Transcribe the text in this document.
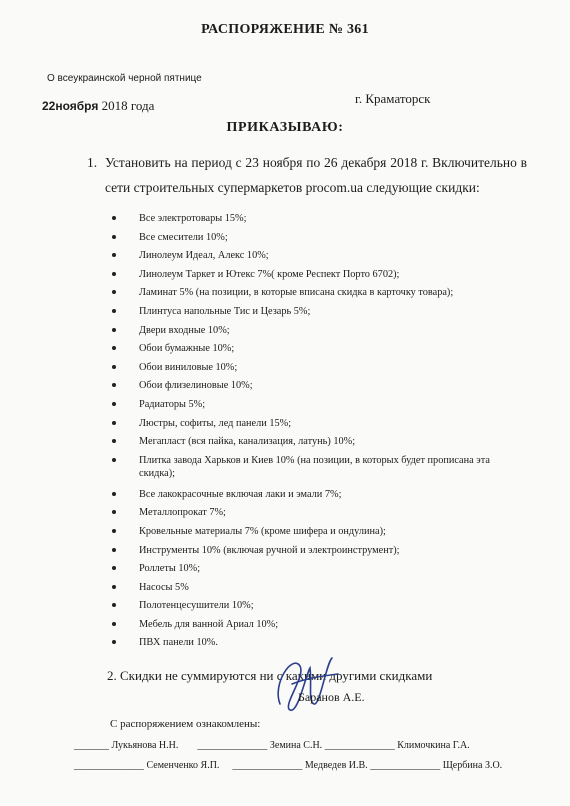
РАСПОРЯЖЕНИЕ № 361
О всеукраинской черной пятнице
22ноября 2018 года	г. Краматорск
ПРИКАЗЫВАЮ:
1. Установить на период с 23 ноября по 26 декабря 2018 г. Включительно в сети строительных супермаркетов procom.ua следующие скидки:
Все электротовары 15%;
Все смесители 10%;
Линолеум Идеал, Алекс 10%;
Линолеум Таркет и Ютекс 7%( кроме Респект Порто 6702);
Ламинат 5% (на позиции, в которые вписана скидка в карточку товара);
Плинтуса напольные Тис и Цезарь 5%;
Двери входные 10%;
Обои бумажные 10%;
Обои виниловые 10%;
Обои флизелиновые 10%;
Радиаторы 5%;
Люстры, софиты, лед панели 15%;
Мегапласт (вся пайка, канализация, латунь) 10%;
Плитка завода Харьков и Киев 10% (на позиции, в которых будет прописана эта скидка);
Все лакокрасочные включая лаки и эмали 7%;
Металлопрокат 7%;
Кровельные материалы 7% (кроме шифера и ондулина);
Инструменты 10% (включая ручной и электроинструмент);
Роллеты 10%;
Насосы 5%
Полотенцесушители 10%;
Мебель для ванной Ариал 10%;
ПВХ панели 10%.
2. Скидки не суммируются ни с какими другими скидками
Баранов А.Е.
С распоряжением ознакомлены:
_______ Лукьянова Н.Н. ______________ Земина С.Н. ______________ Климочкина Г.А.
______________ Семенченко Я.П. ______________ Медведев И.В. ______________ Щербина З.О.
